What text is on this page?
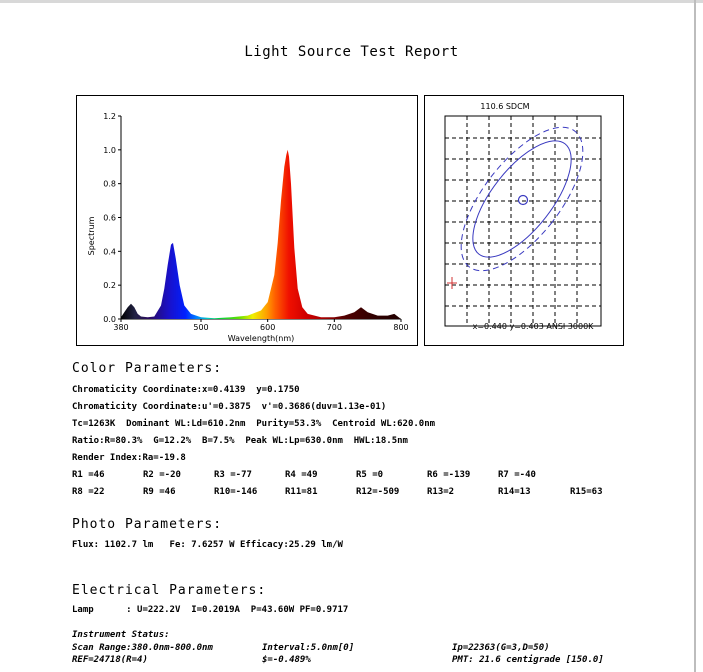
Light Source Test Report
1.2
1.0
0.8
0.6
0.4
0.2
0.0
380	500	600	700	800
Spectrum
Wavelength(nm)
110.6 SDCM
x=0.440 y=0.403 ANSI 3000K
Color Parameters:
Chromaticity Coordinate:x=0.4139  y=0.1750
Chromaticity Coordinate:u'=0.3875  v'=0.3686(duv=1.13e-01)
Tc=1263K  Dominant WL:Ld=610.2nm  Purity=53.3%  Centroid WL:620.0nm
Ratio:R=80.3%  G=12.2%  B=7.5%  Peak WL:Lp=630.0nm  HWL:18.5nm
Render Index:Ra=-19.8
R1 =46	R2 =-20	R3 =-77	R4 =49	R5 =0	R6 =-139	R7 =-40
R8 =22	R9 =46	R10=-146	R11=81	R12=-509	R13=2	R14=13	R15=63
Photo Parameters:
Flux: 1102.7 lm   Fe: 7.6257 W Efficacy:25.29 lm/W
Electrical Parameters:
Lamp      : U=222.2V  I=0.2019A  P=43.60W PF=0.9717
Instrument Status:
Scan Range:380.0nm-800.0nm	Interval:5.0nm[0]	Ip=22363(G=3,D=50)
REF=24718(R=4)	$=-0.489%	PMT: 21.6 centigrade [150.0]
